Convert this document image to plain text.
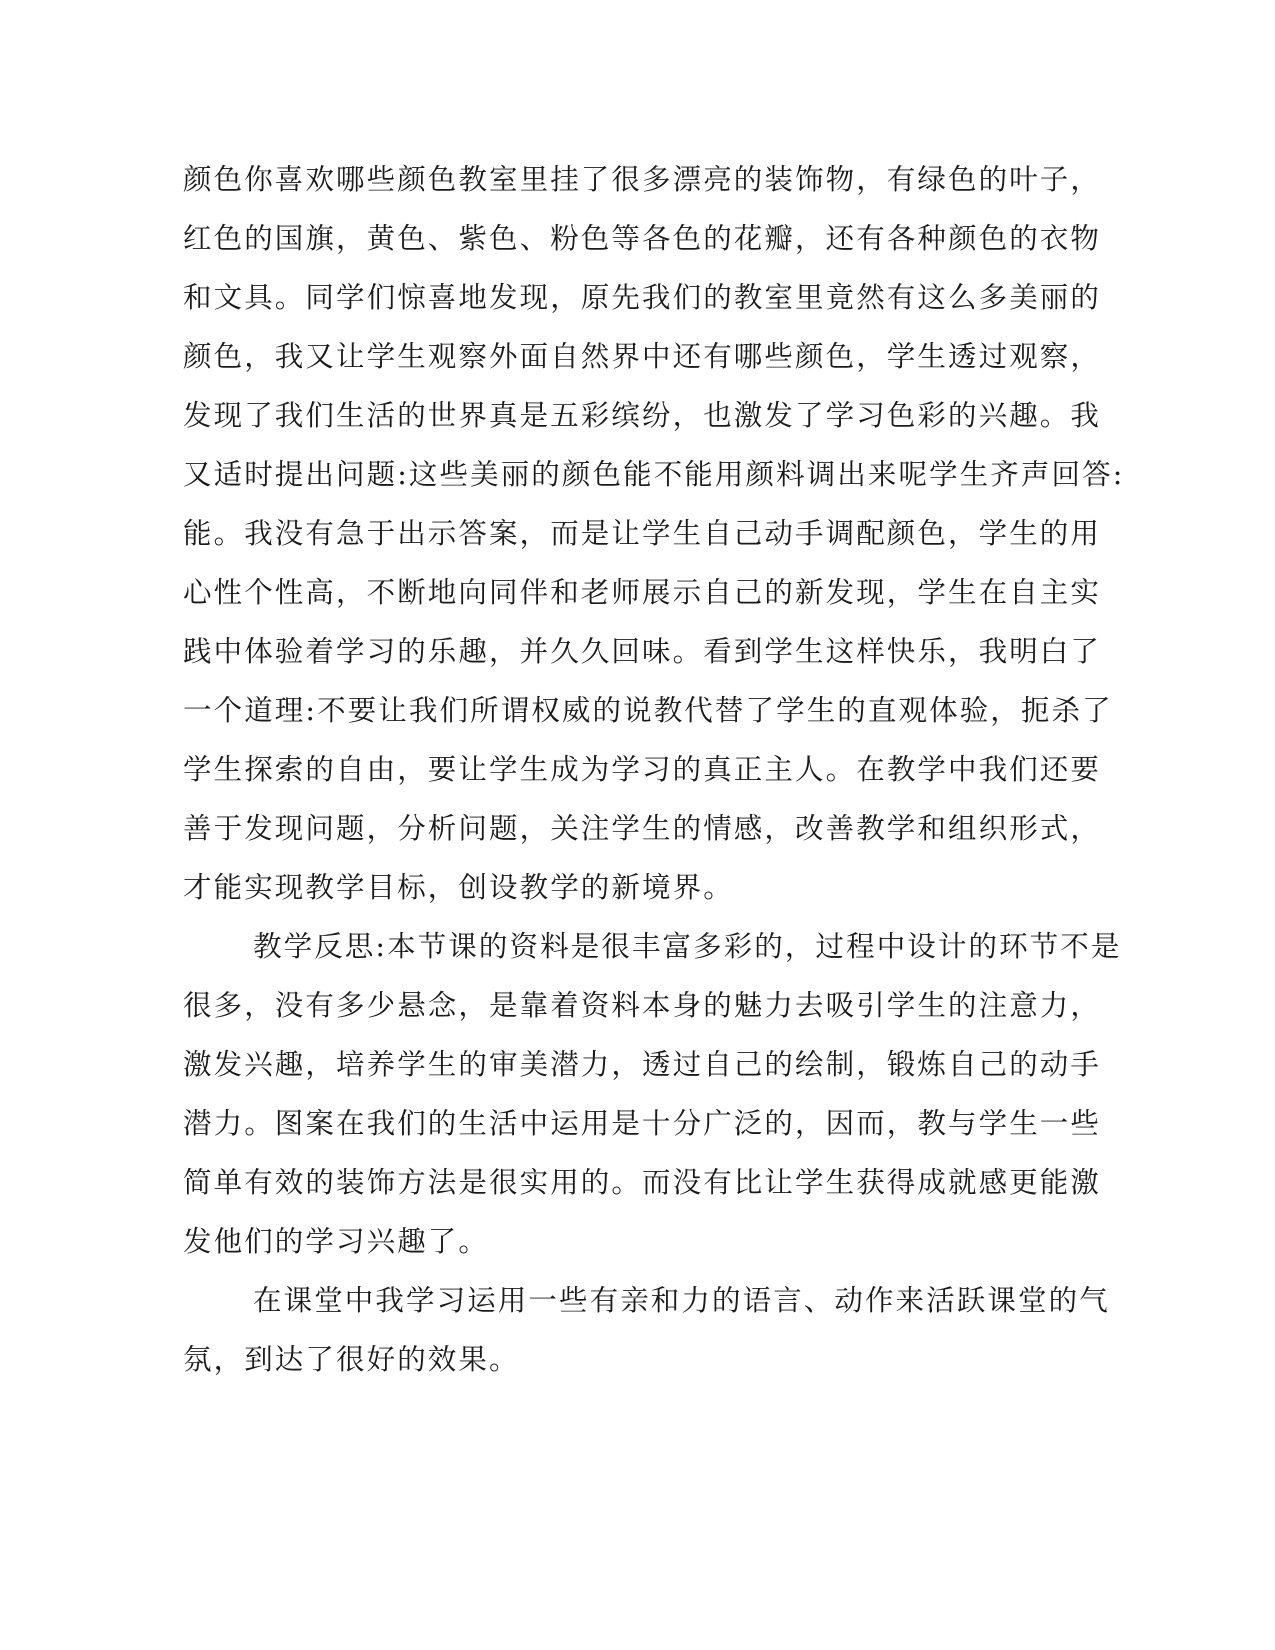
颜色你喜欢哪些颜色教室里挂了很多漂亮的装饰物，有绿色的叶子，
红色的国旗，黄色、紫色、粉色等各色的花瓣，还有各种颜色的衣物
和文具。同学们惊喜地发现，原先我们的教室里竟然有这么多美丽的
颜色，我又让学生观察外面自然界中还有哪些颜色，学生透过观察，
发现了我们生活的世界真是五彩缤纷，也激发了学习色彩的兴趣。我
又适时提出问题:这些美丽的颜色能不能用颜料调出来呢学生齐声回答:
能。我没有急于出示答案，而是让学生自己动手调配颜色，学生的用
心性个性高，不断地向同伴和老师展示自己的新发现，学生在自主实
践中体验着学习的乐趣，并久久回味。看到学生这样快乐，我明白了
一个道理:不要让我们所谓权威的说教代替了学生的直观体验，扼杀了
学生探索的自由，要让学生成为学习的真正主人。在教学中我们还要
善于发现问题，分析问题，关注学生的情感，改善教学和组织形式，
才能实现教学目标，创设教学的新境界。
教学反思:本节课的资料是很丰富多彩的，过程中设计的环节不是
很多，没有多少悬念，是靠着资料本身的魅力去吸引学生的注意力，
激发兴趣，培养学生的审美潜力，透过自己的绘制，锻炼自己的动手
潜力。图案在我们的生活中运用是十分广泛的，因而，教与学生一些
简单有效的装饰方法是很实用的。而没有比让学生获得成就感更能激
发他们的学习兴趣了。
在课堂中我学习运用一些有亲和力的语言、动作来活跃课堂的气
氛，到达了很好的效果。
